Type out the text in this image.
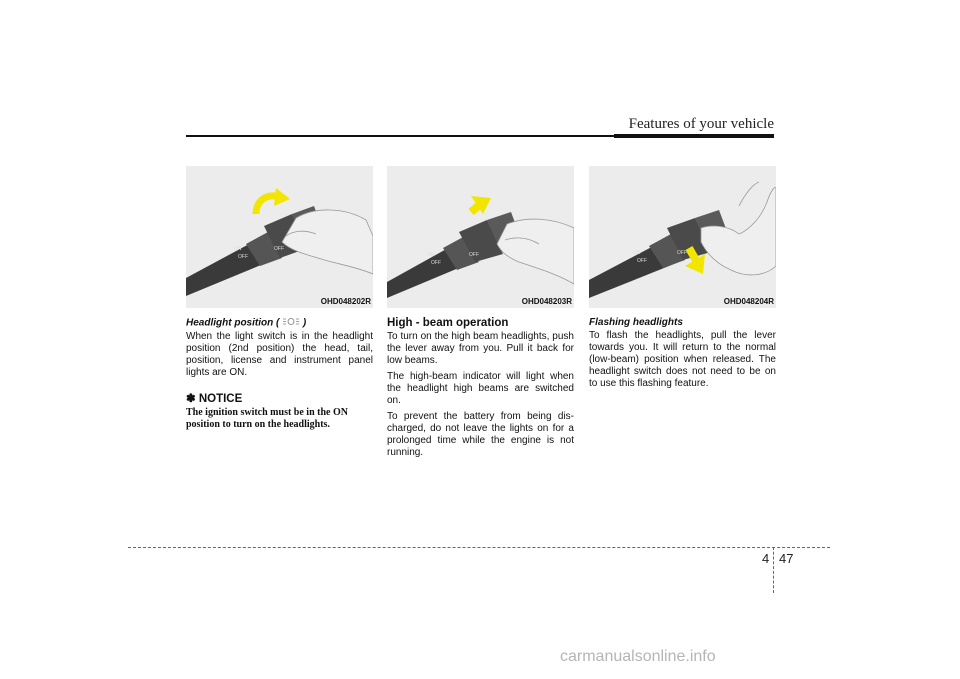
Features of your vehicle
ON
OFF
OFF
OHD048202R
Headlight position ( )

When the light switch is in the headlight position (2nd position) the head, tail, position, license and instrument panel lights are ON.

✽ NOTICE
The ignition switch must be in the ON position to turn on the headlights.
ON
OFF
OFF
OHD048203R
High - beam operation

To turn on the high beam headlights, push the lever away from you. Pull it back for low beams.

The high-beam indicator will light when the headlight high beams are switched on.

To prevent the battery from being dis-charged, do not leave the lights on for a prolonged time while the engine is not running.

ON
OFF
OFF
OHD048204R
Flashing headlights

To flash the headlights, pull the lever towards you. It will return to the normal (low-beam) position when released. The headlight switch does not need to be on to use this flashing feature.

4 47
carmanualsonline.info
